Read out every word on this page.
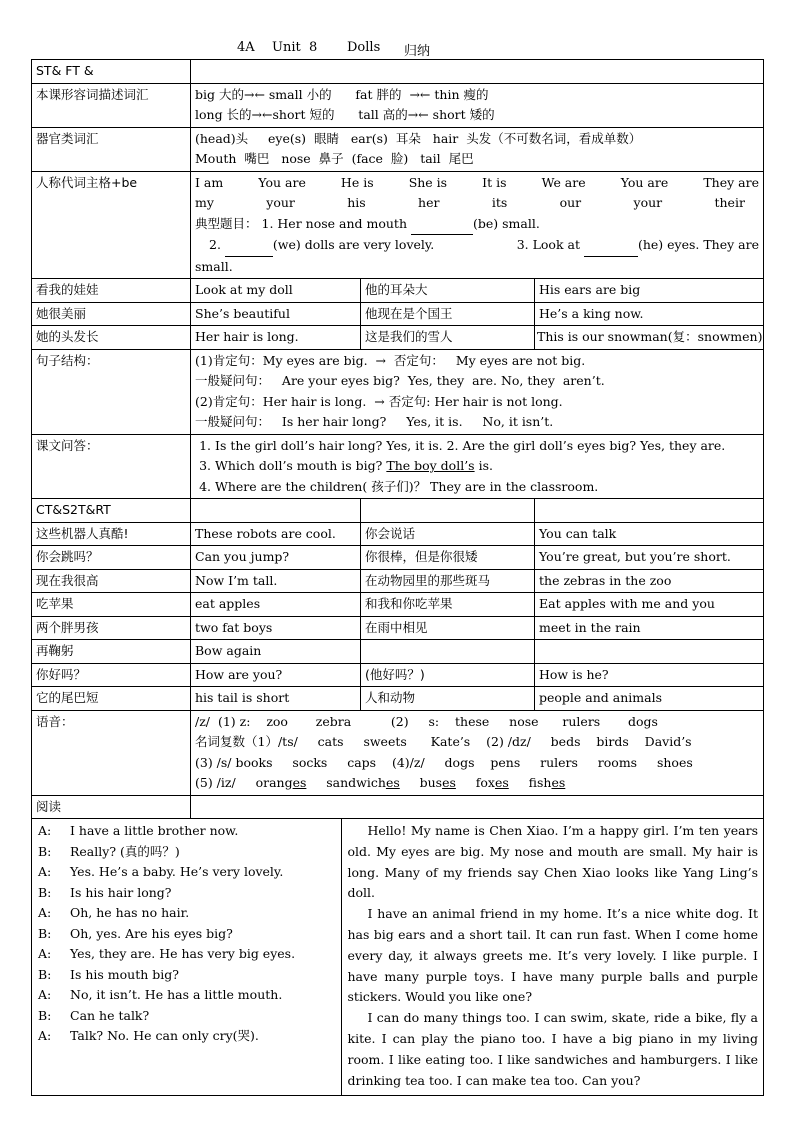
4A Unit  8 Dolls 归纳
ST& FT &	
本课形容词描述词汇	big 大的→← small 小的      fat 胖的  →← thin 瘦的
long 长的→←short 短的      tall 高的→← short 矮的

器官类词汇	(head)头     eye(s)  眼睛   ear(s)  耳朵   hair  头发（不可数名词，看成单数）
Mouth  嘴巴   nose  鼻子  (face  脸)   tail  尾巴

人称代词主格+be	I am	You are	He is	She is	It is	We are	You are	They are
my	your	his	her	its	our	your	their
典型题目： 1. Her nose and mouth	(be) small.
2.	(we) dolls are very lovely.	3. Look at	(he) eyes. They are
small.

看我的娃娃	Look at my doll	他的耳朵大	His ears are big
她很美丽	She’s beautiful	他现在是个国王	He’s a king now.
她的头发长	Her hair is long.	这是我们的雪人	This is our snowman(复：snowmen)
句子结构：	(1)肯定句：My eyes are big.  →  否定句：   My eyes are not big.
一般疑问句：   Are your eyes big?  Yes, they  are. No, they  aren’t.
(2)肯定句：Her hair is long.  → 否定句: Her hair is not long.
一般疑问句：   Is her hair long?     Yes, it is.     No, it isn’t.

课文问答：	
1.Is the girl doll’s hair long? Yes, it is. 2. Are the girl doll’s eyes big? Yes, they are.
3. Which doll’s mouth is big? The boy doll’s is.
4. Where are the children( 孩子们)？ They are in the classroom.

CT&S2T&RT			
这些机器人真酷!	These robots are cool.	你会说话	You can talk
你会跳吗？	Can you jump?	你很棒，但是你很矮	You’re great, but you’re short.
现在我很高	Now I’m tall.	在动物园里的那些斑马	the zebras in the zoo
吃苹果	eat apples	和我和你吃苹果	Eat apples with me and you
两个胖男孩	two fat boys	在雨中相见	meet in the rain
再鞠躬	Bow again		
你好吗？	How are you?	(他好吗？)	How is he?
它的尾巴短	his tail is short	人和动物	people and animals
语音：	/z/  (1) z:    zoo       zebra          (2)     s:    these     nose      rulers       dogs
名词复数（1）/ts/     cats     sweets      Kate’s    (2) /dz/     beds    birds    David’s
(3) /s/ books     socks     caps    (4)/z/     dogs    pens     rulers     rooms     shoes
(5) /iz/ oranges sandwiches buses foxes fishes

阅读	

A:	I have a little brother now.
B:	Really? (真的吗？)
A:	Yes. He’s a baby. He’s very lovely.
B:	Is his hair long?
A:	Oh, he has no hair.
B:	Oh, yes. Are his eyes big?
A:	Yes, they are. He has very big eyes.
B:	Is his mouth big?
A:	No, it isn’t. He has a little mouth.
B:	Can he talk?
A:	Talk? No. He can only cry(哭).

Hello! My name is Chen Xiao. I’m a happy girl. I’m ten years old. My eyes are big. My nose and mouth are small. My hair is long. Many of my friends say Chen Xiao looks like Yang Ling’s doll.
I have an animal friend in my home. It’s a nice white dog. It has big ears and a short tail. It can run fast. When I come home every day, it always greets me. It’s very lovely. I like purple. I have many purple toys. I have many purple balls and purple stickers. Would you like one?
I can do many things too. I can swim, skate, ride a bike, fly a kite. I can play the piano too. I have a big piano in my living room. I like eating too. I like sandwiches and hamburgers. I like drinking tea too. I can make tea too. Can you?
